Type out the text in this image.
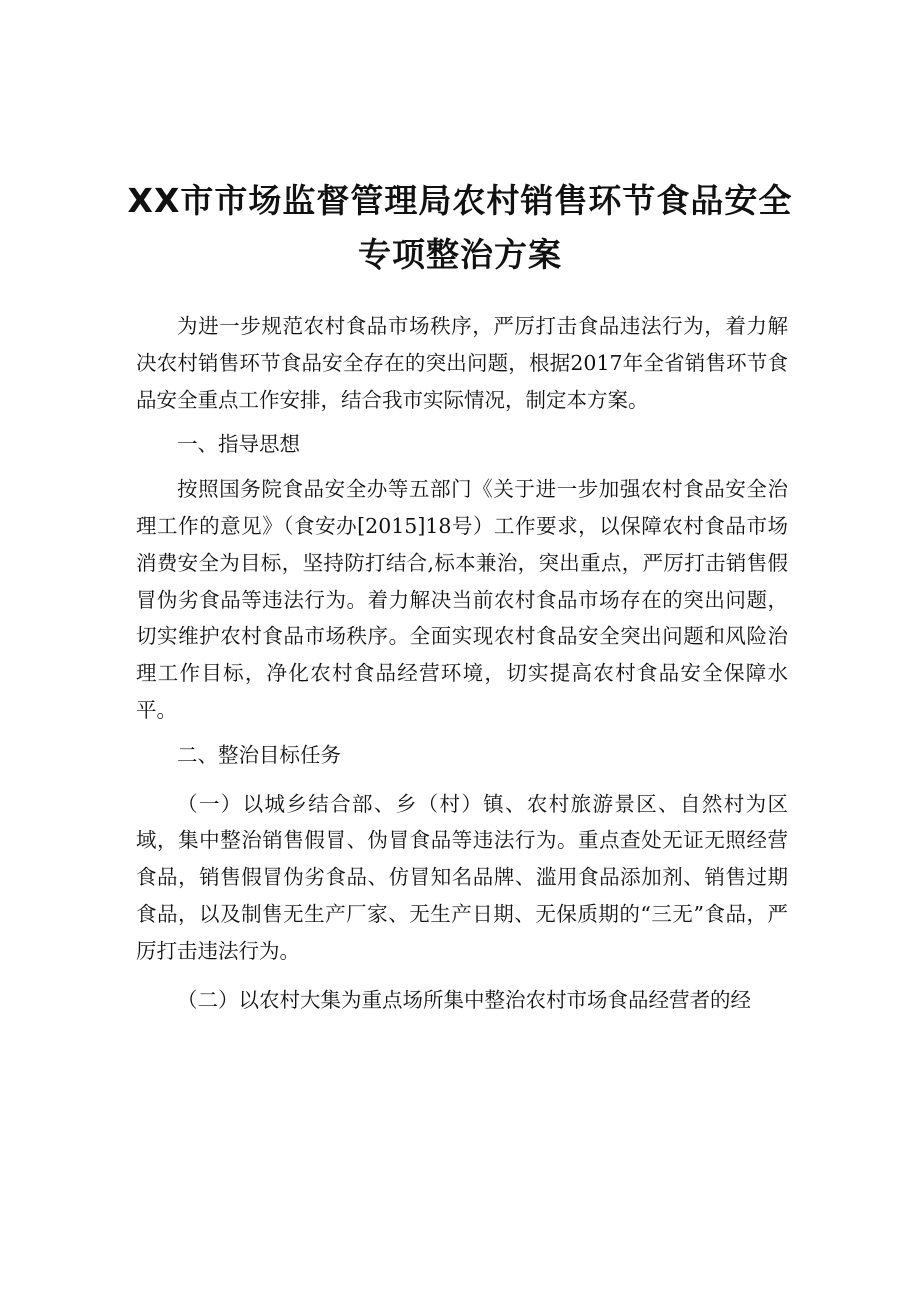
XX市市场监督管理局农村销售环节食品安全
专项整治方案

为进一步规范农村食品市场秩序，严厉打击食品违法行为，着力解决农村销售环节食品安全存在的突出问题，根据2017年全省销售环节食品安全重点工作安排，结合我市实际情况，制定本方案。

一、指导思想

按照国务院食品安全办等五部门《关于进一步加强农村食品安全治理工作的意见》（食安办[2015]18号）工作要求，以保障农村食品市场消费安全为目标，坚持防打结合,标本兼治，突出重点，严厉打击销售假冒伪劣食品等违法行为。着力解决当前农村食品市场存在的突出问题，切实维护农村食品市场秩序。全面实现农村食品安全突出问题和风险治理工作目标，净化农村食品经营环境，切实提高农村食品安全保障水平。

二、整治目标任务

（一）以城乡结合部、乡（村）镇、农村旅游景区、自然村为区域，集中整治销售假冒、伪冒食品等违法行为。重点查处无证无照经营食品，销售假冒伪劣食品、仿冒知名品牌、滥用食品添加剂、销售过期食品，以及制售无生产厂家、无生产日期、无保质期的“三无”食品，严厉打击违法行为。

（二）以农村大集为重点场所集中整治农村市场食品经营者的经
